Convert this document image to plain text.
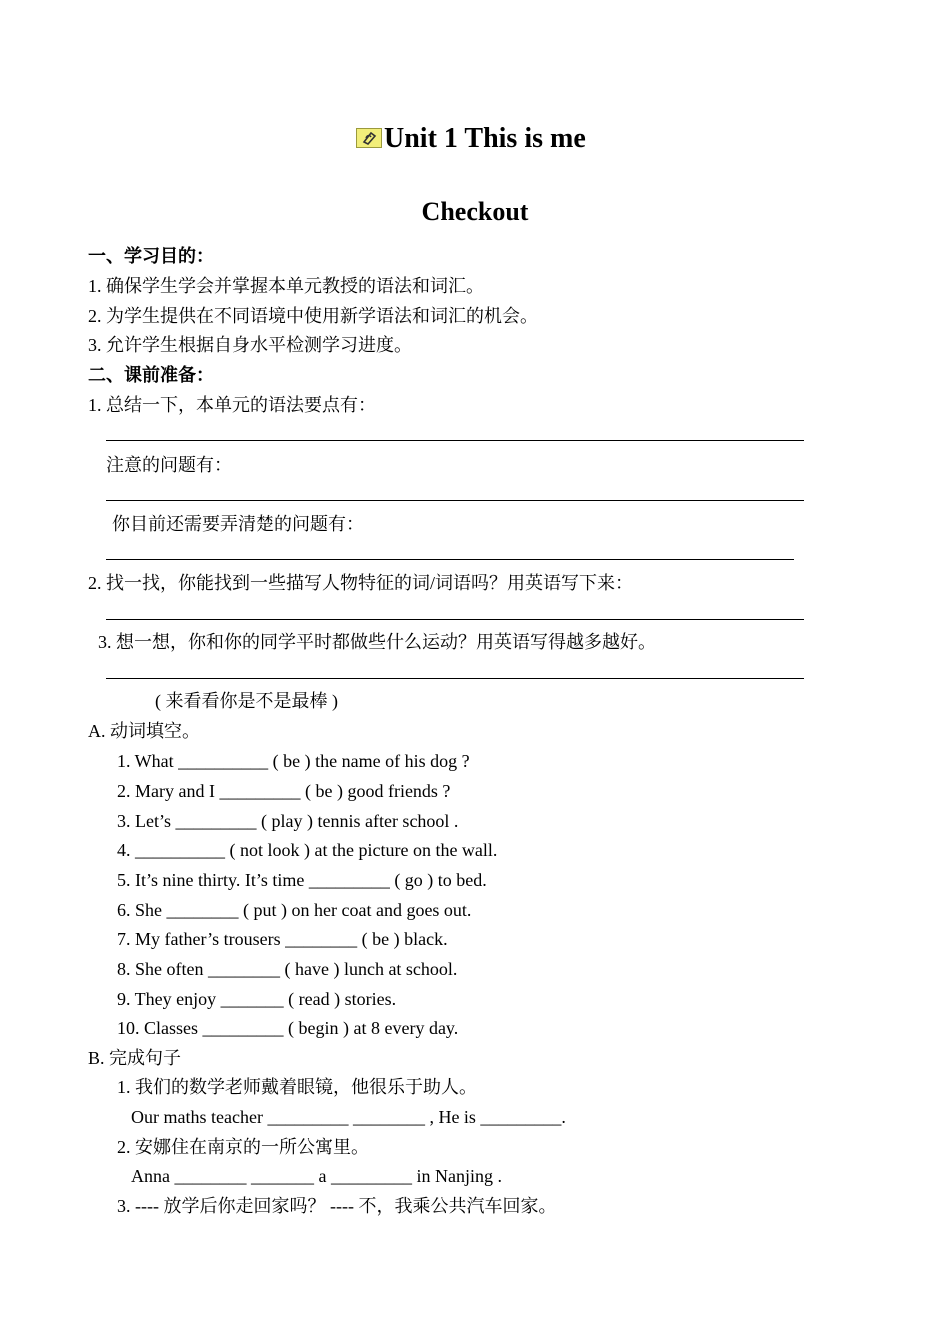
Unit 1 This is me
Checkout
一、学习目的：
1. 确保学生学会并掌握本单元教授的语法和词汇。
2. 为学生提供在不同语境中使用新学语法和词汇的机会。
3. 允许学生根据自身水平检测学习进度。
二、课前准备：
1. 总结一下，本单元的语法要点有：
注意的问题有：
你目前还需要弄清楚的问题有：
2. 找一找，你能找到一些描写人物特征的词/词语吗？用英语写下来：
3. 想一想，你和你的同学平时都做些什么运动？用英语写得越多越好。
( 来看看你是不是最棒 )
A. 动词填空。
1. What __________ ( be ) the name of his dog ?
2. Mary and I _________ ( be ) good friends ?
3. Let’s _________ ( play ) tennis after school .
4. __________ ( not look ) at the picture on the wall.
5. It’s nine thirty. It’s time _________ ( go ) to bed.
6. She ________ ( put ) on her coat and goes out.
7. My father’s trousers ________ ( be ) black.
8. She often ________ ( have ) lunch at school.
9. They enjoy _______ ( read ) stories.
10. Classes _________ ( begin ) at 8 every day.
B. 完成句子
1. 我们的数学老师戴着眼镜，他很乐于助人。
Our maths teacher _________ ________ , He is _________.
2. 安娜住在南京的一所公寓里。
Anna ________ _______ a _________ in Nanjing .
3. ---- 放学后你走回家吗？ ---- 不，我乘公共汽车回家。
